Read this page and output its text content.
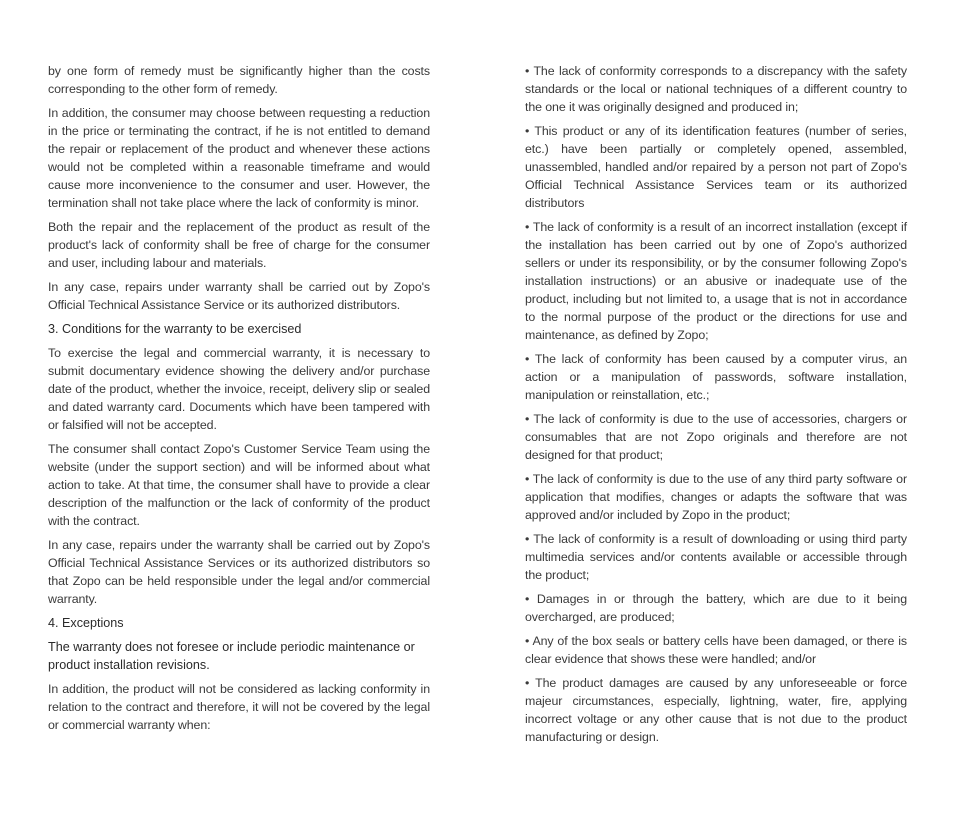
by one form of remedy must be significantly higher than the costs corresponding to the other form of remedy.

In addition, the consumer may choose between requesting a reduction in the price or terminating the contract, if he is not entitled to demand the repair or replacement of the product and whenever these actions would not be completed within a reasonable timeframe and would cause more inconvenience to the consumer and user. However, the termination shall not take place where the lack of conformity is minor.

Both the repair and the replacement of the product as result of the product's lack of conformity shall be free of charge for the consumer and user, including labour and materials.

In any case, repairs under warranty shall be carried out by Zopo's Official Technical Assistance Service or its authorized distributors.

3. Conditions for the warranty to be exercised

To exercise the legal and commercial warranty, it is necessary to submit documentary evidence showing the delivery and/or purchase date of the product, whether the invoice, receipt, delivery slip or sealed and dated warranty card. Documents which have been tampered with or falsified will not be accepted.

The consumer shall contact Zopo's Customer Service Team using the website (under the support section) and will be informed about what action to take. At that time, the consumer shall have to provide a clear description of the malfunction or the lack of conformity of the product with the contract.

In any case, repairs under the warranty shall be carried out by Zopo's Official Technical Assistance Services or its authorized distributors so that Zopo can be held responsible under the legal and/or commercial warranty.

4. Exceptions

The warranty does not foresee or include periodic maintenance or product installation revisions.

In addition, the product will not be considered as lacking conformity in relation to the contract and therefore, it will not be covered by the legal or commercial warranty when:

• The lack of conformity corresponds to a discrepancy with the safety standards or the local or national techniques of a different country to the one it was originally designed and produced in;

• This product or any of its identification features (number of series, etc.) have been partially or completely opened, assembled, unassembled, handled and/or repaired by a person not part of Zopo's Official Technical Assistance Services team or its authorized distributors

• The lack of conformity is a result of an incorrect installation (except if the installation has been carried out by one of Zopo's authorized sellers or under its responsibility, or by the consumer following Zopo's installation instructions) or an abusive or inadequate use of the product, including but not limited to, a usage that is not in accordance to the normal purpose of the product or the directions for use and maintenance, as defined by Zopo;

• The lack of conformity has been caused by a computer virus, an action or a manipulation of passwords, software installation, manipulation or reinstallation, etc.;

• The lack of conformity is due to the use of accessories, chargers or consumables that are not Zopo originals and therefore are not designed for that product;

• The lack of conformity is due to the use of any third party software or application that modifies, changes or adapts the software that was approved and/or included by Zopo in the product;

• The lack of conformity is a result of downloading or using third party multimedia services and/or contents available or accessible through the product;

• Damages in or through the battery, which are due to it being overcharged, are produced;

• Any of the box seals or battery cells have been damaged, or there is clear evidence that shows these were handled; and/or

• The product damages are caused by any unforeseeable or force majeur circumstances, especially, lightning, water, fire, applying incorrect voltage or any other cause that is not due to the product manufacturing or design.
